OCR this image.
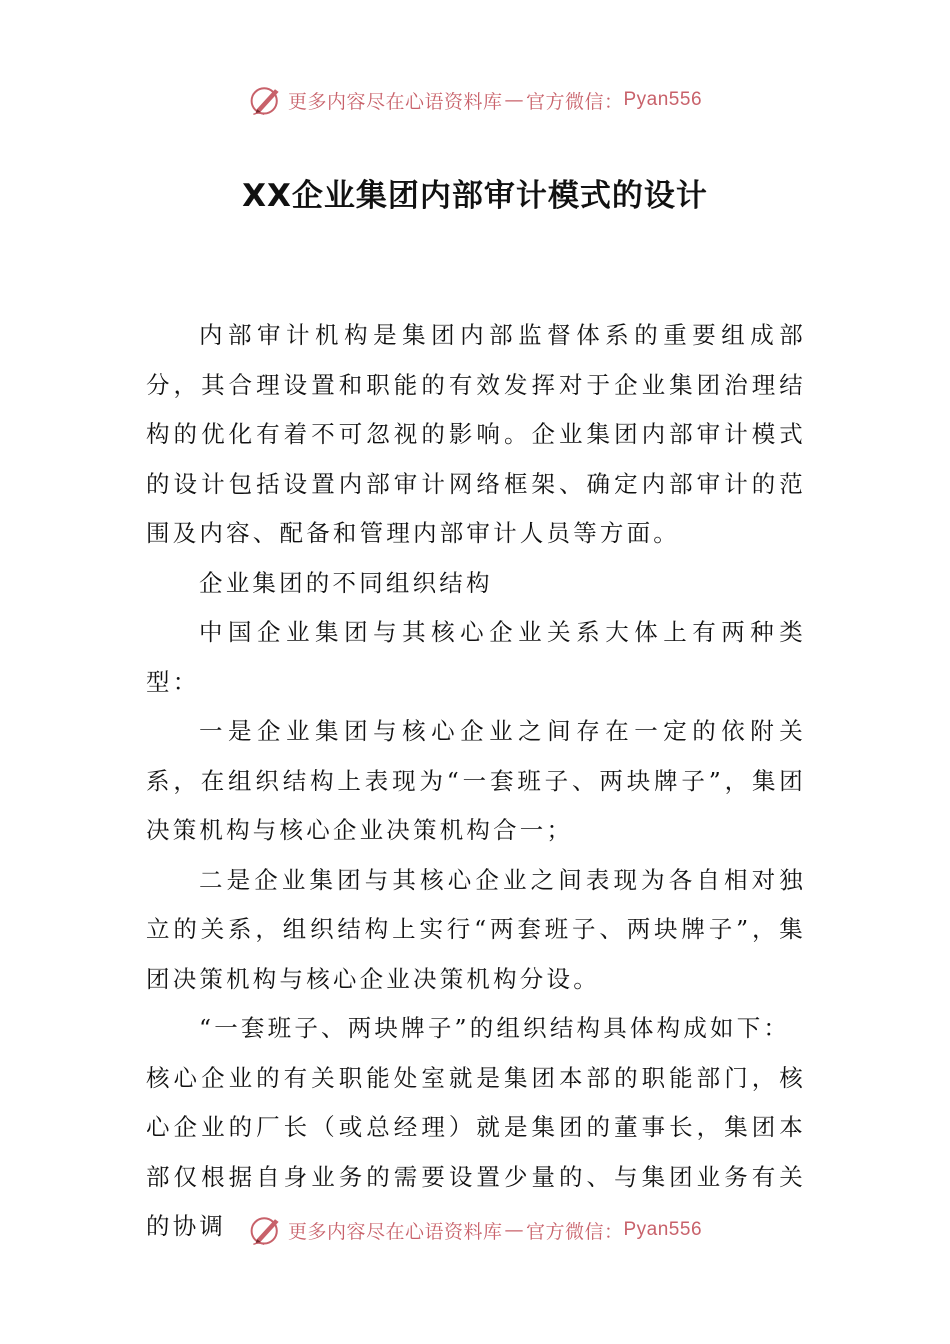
更多内容尽在心语资料库 — 官方微信： Pyan556
XX企业集团内部审计模式的设计

内部审计机构是集团内部监督体系的重要组成部分，其合理设置和职能的有效发挥对于企业集团治理结构的优化有着不可忽视的影响。企业集团内部审计模式的设计包括设置内部审计网络框架、确定内部审计的范围及内容、配备和管理内部审计人员等方面。

企业集团的不同组织结构

中国企业集团与其核心企业关系大体上有两种类型：

一是企业集团与核心企业之间存在一定的依附关系，在组织结构上表现为“一套班子、两块牌子”，集团决策机构与核心企业决策机构合一；

二是企业集团与其核心企业之间表现为各自相对独立的关系，组织结构上实行“两套班子、两块牌子”，集团决策机构与核心企业决策机构分设。

“一套班子、两块牌子”的组织结构具体构成如下：

核心企业的有关职能处室就是集团本部的职能部门，核心企业的厂长（或总经理）就是集团的董事长，集团本部仅根据自身业务的需要设置少量的、与集团业务有关的协调	更多内容尽在心语资料库 — 官方微信： Pyan556
